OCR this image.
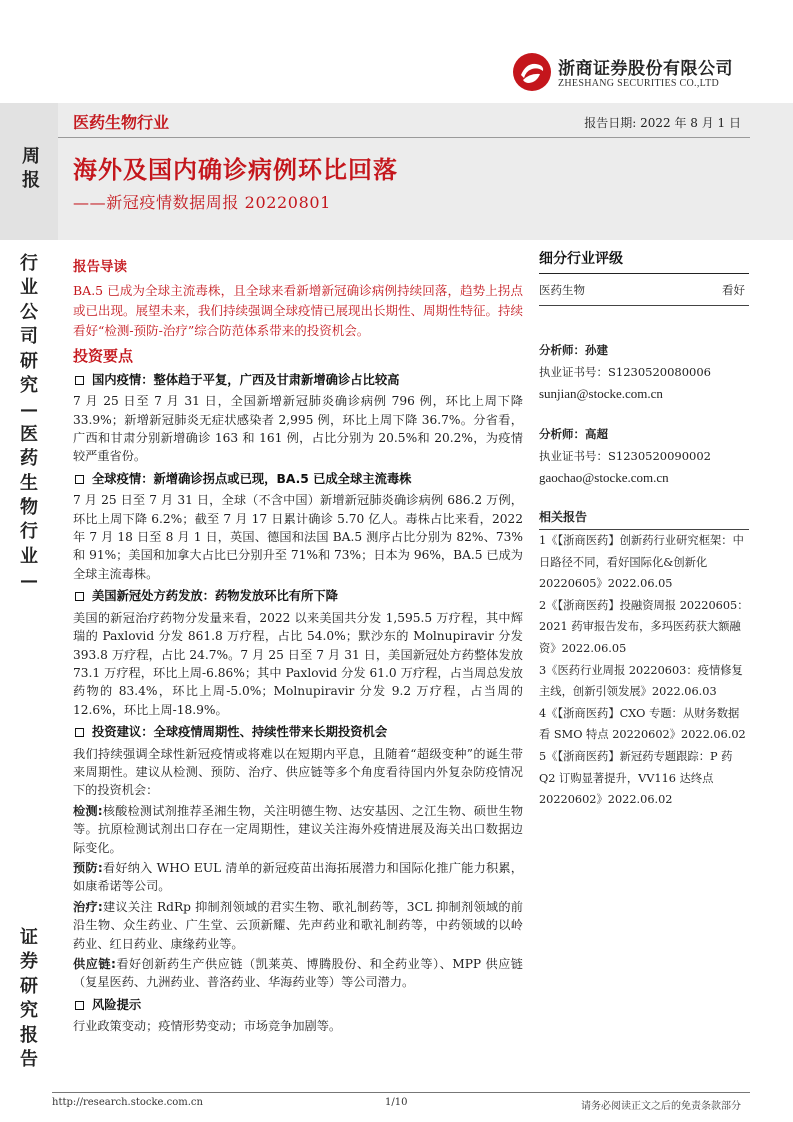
浙商证券股份有限公司
ZHESHANG SECURITIES CO.,LTD
医药生物行业	报告日期: 2022 年 8 月 1 日
周报 海外及国内确诊病例环比回落
——新冠疫情数据周报 20220801
行业公司研究—医药生物行业—
证券研究报告
报告导读
BA.5 已成为全球主流毒株，且全球来看新增新冠确诊病例持续回落，趋势上拐点或已出现。展望未来，我们持续强调全球疫情已展现出长期性、周期性特征。持续看好“检测-预防-治疗”综合防范体系带来的投资机会。
投资要点
国内疫情：整体趋于平复，广西及甘肃新增确诊占比较高

7 月 25 日至 7 月 31 日，全国新增新冠肺炎确诊病例 796 例，环比上周下降 33.9%；新增新冠肺炎无症状感染者 2,995 例，环比上周下降 36.7%。分省看，广西和甘肃分别新增确诊 163 和 161 例，占比分别为 20.5%和 20.2%，为疫情较严重省份。

全球疫情：新增确诊拐点或已现，BA.5 已成全球主流毒株

7 月 25 日至 7 月 31 日，全球（不含中国）新增新冠肺炎确诊病例 686.2 万例，环比上周下降 6.2%；截至 7 月 17 日累计确诊 5.70 亿人。毒株占比来看，2022 年 7 月 18 日至 8 月 1 日，英国、德国和法国 BA.5 测序占比分别为 82%、73%和 91%；美国和加拿大占比已分别升至 71%和 73%；日本为 96%，BA.5 已成为全球主流毒株。

美国新冠处方药发放：药物发放环比有所下降

美国的新冠治疗药物分发量来看，2022 以来美国共分发 1,595.5 万疗程，其中辉瑞的 Paxlovid 分发 861.8 万疗程，占比 54.0%；默沙东的 Molnupiravir 分发 393.8 万疗程，占比 24.7%。7 月 25 日至 7 月 31 日，美国新冠处方药整体发放 73.1 万疗程，环比上周-6.86%；其中 Paxlovid 分发 61.0 万疗程，占当周总发放药物的 83.4%，环比上周-5.0%；Molnupiravir 分发 9.2 万疗程，占当周的 12.6%，环比上周-18.9%。

投资建议：全球疫情周期性、持续性带来长期投资机会

我们持续强调全球性新冠疫情或将难以在短期内平息，且随着“超级变种”的诞生带来周期性。建议从检测、预防、治疗、供应链等多个角度看待国内外复杂防疫情况下的投资机会：

检测:核酸检测试剂推荐圣湘生物，关注明德生物、达安基因、之江生物、硕世生物等。抗原检测试剂出口存在一定周期性，建议关注海外疫情进展及海关出口数据边际变化。

预防:看好纳入 WHO EUL 清单的新冠疫苗出海拓展潜力和国际化推广能力积累，如康希诺等公司。

治疗:建议关注 RdRp 抑制剂领域的君实生物、歌礼制药等，3CL 抑制剂领域的前沿生物、众生药业、广生堂、云顶新耀、先声药业和歌礼制药等，中药领域的以岭药业、红日药业、康缘药业等。

供应链:看好创新药生产供应链（凯莱英、博腾股份、和全药业等）、MPP 供应链（复星医药、九洲药业、普洛药业、华海药业等）等公司潜力。

风险提示

行业政策变动；疫情形势变动；市场竞争加剧等。

细分行业评级
医药生物	看好
分析师：孙建
执业证书号：S1230520080006
sunjian@stocke.com.cn
分析师：高超
执业证书号：S1230520090002
gaochao@stocke.com.cn
相关报告
1《【浙商医药】创新药行业研究框架：中日路径不同，看好国际化&创新化 20220605》2022.06.05
2《【浙商医药】投融资周报 20220605：2021 药审报告发布，多玛医药获大额融资》2022.06.05
3《医药行业周报 20220603：疫情修复主线，创新引领发展》2022.06.03
4《【浙商医药】CXO 专题：从财务数据看 SMO 特点 20220602》2022.06.02
5《【浙商医药】新冠药专题跟踪：P 药 Q2 订购显著提升，VV116 达终点 20220602》2022.06.02
http://research.stocke.com.cn	1/10	请务必阅读正文之后的免责条款部分
